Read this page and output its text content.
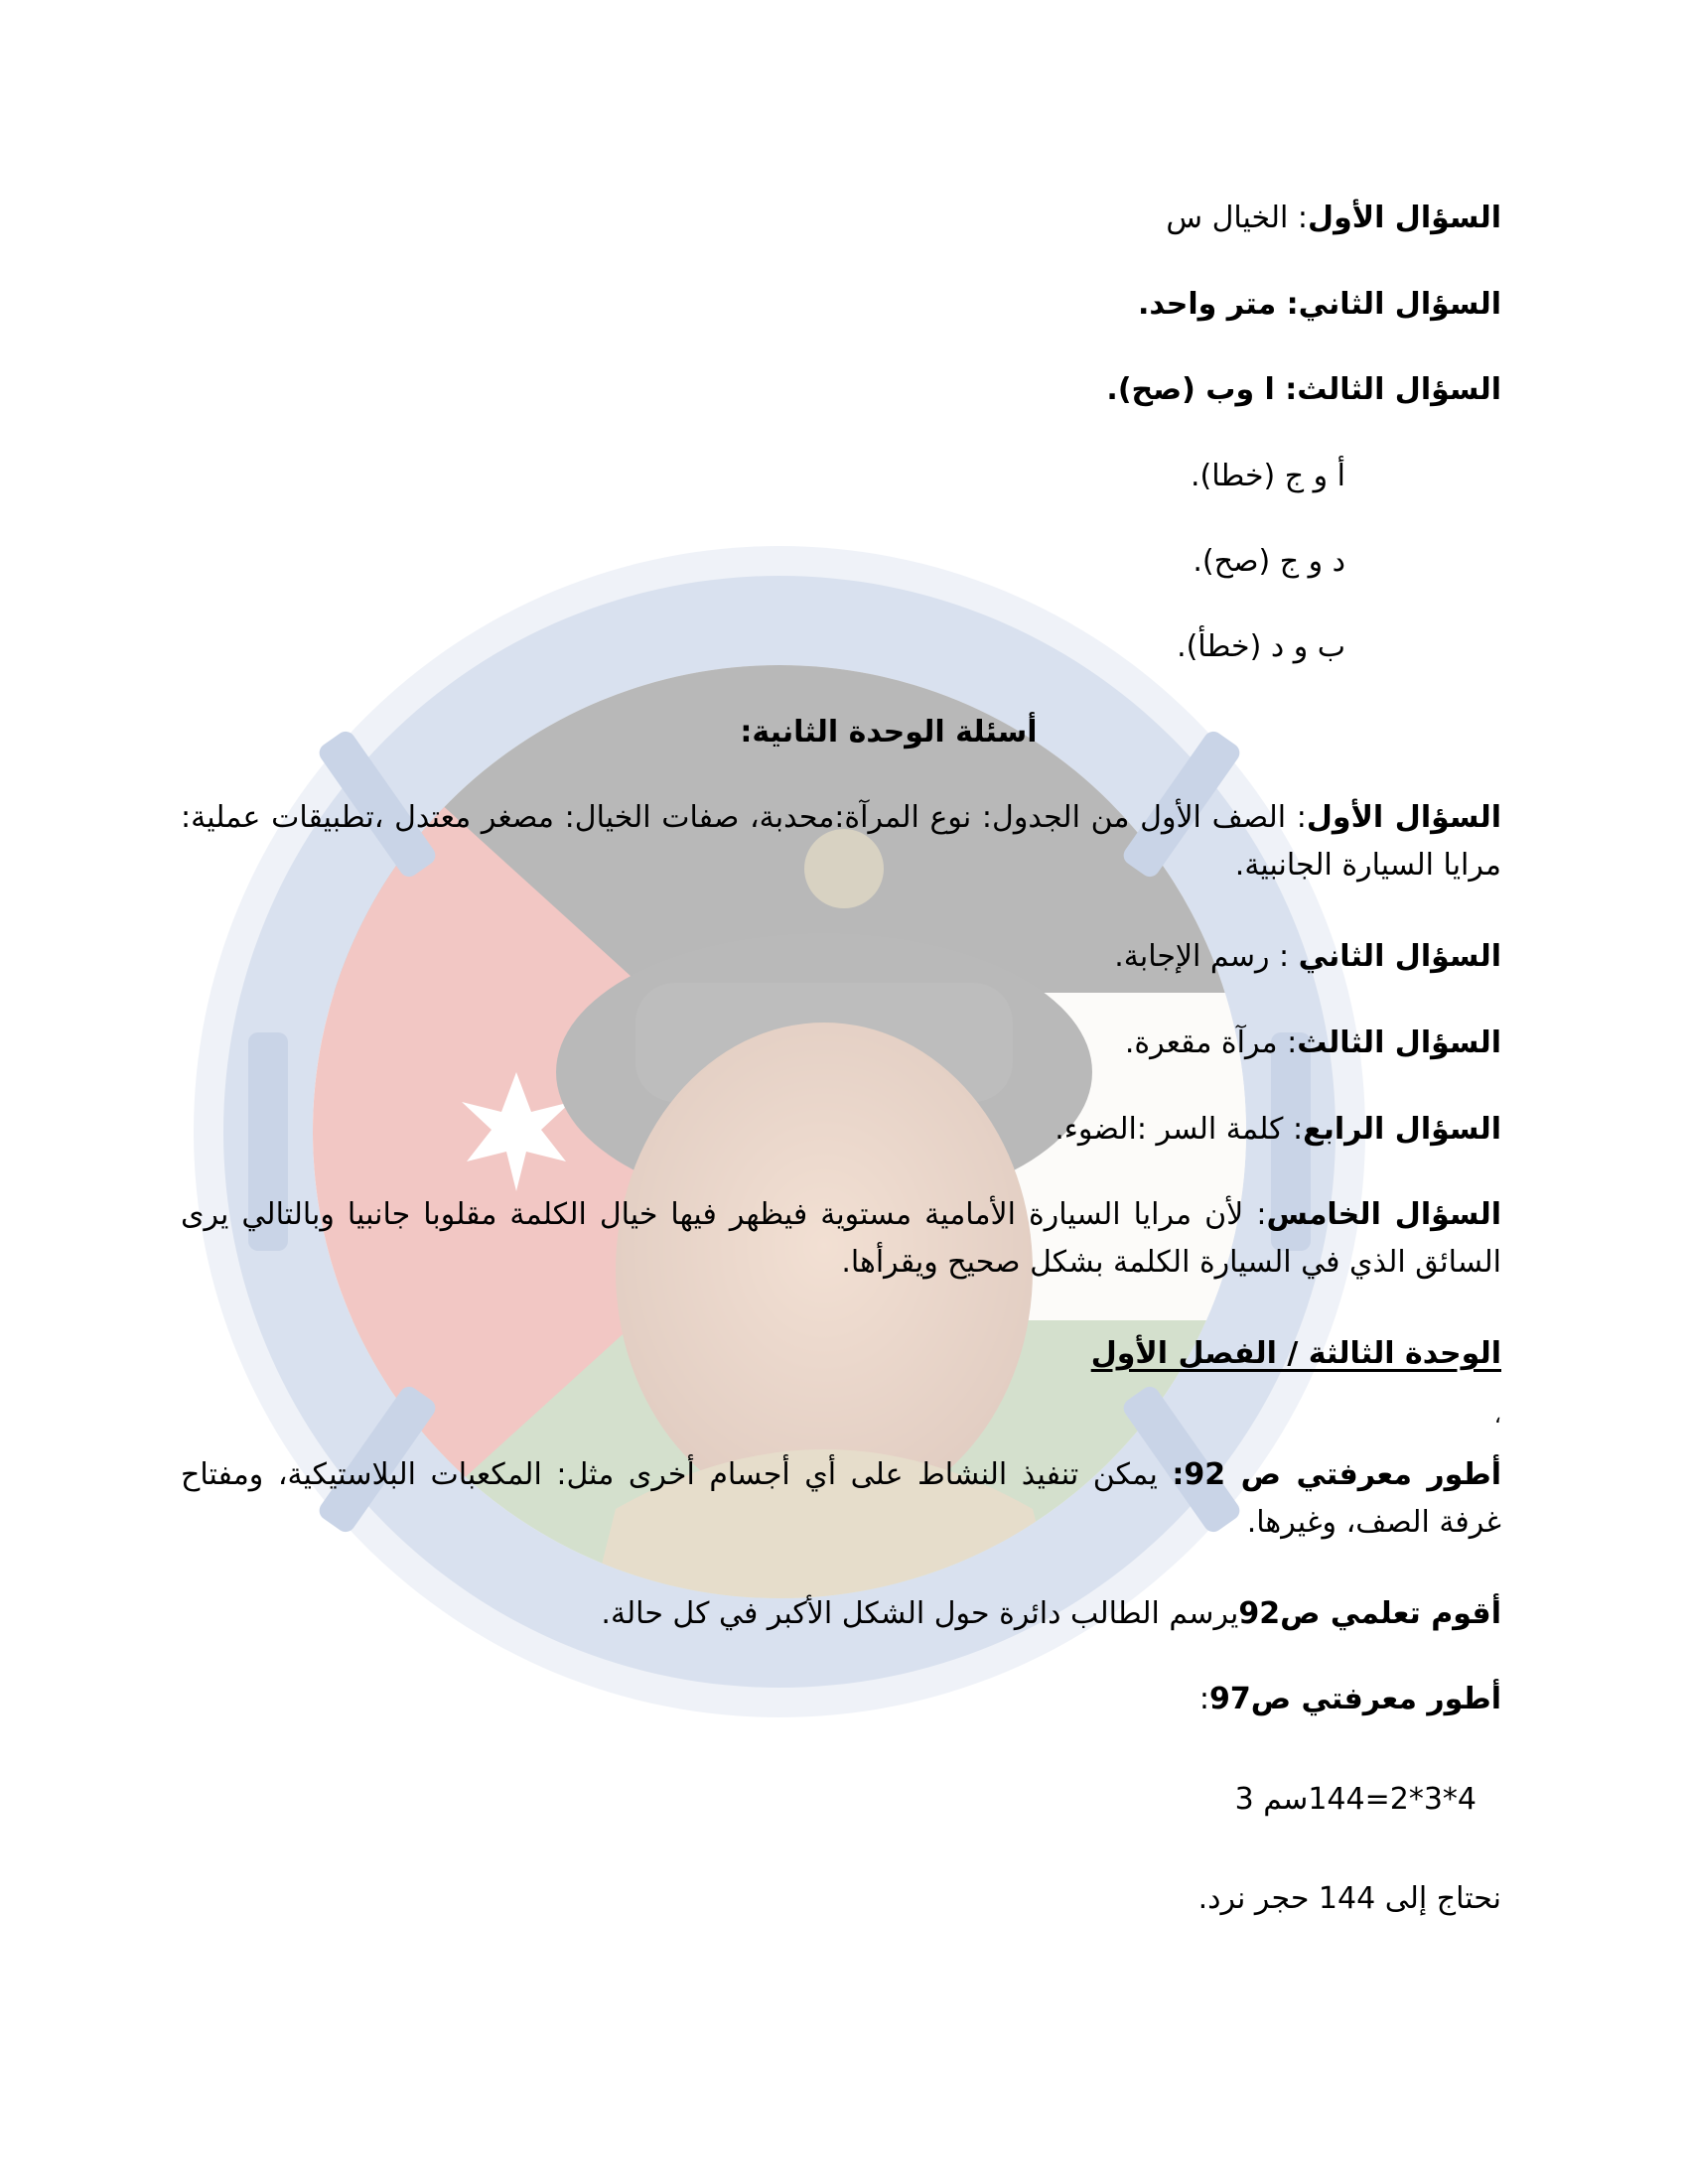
السؤال الأول: الخيال س
السؤال الثاني: متر واحد.
السؤال الثالث: ا وب (صح).
أ و ج (خطا).
د و ج (صح).
ب و د (خطأ).
أسئلة الوحدة الثانية:
السؤال الأول: الصف الأول من الجدول: نوع المرآة:محدبة، صفات الخيال: مصغر معتدل ،تطبيقات عملية: مرايا السيارة الجانبية.
السؤال الثاني : رسم الإجابة.
السؤال الثالث: مرآة مقعرة.
السؤال الرابع: كلمة السر :الضوء.
السؤال الخامس: لأن مرايا السيارة الأمامية مستوية فيظهر فيها خيال الكلمة مقلوبا جانبيا وبالتالي يرى السائق الذي في السيارة الكلمة بشكل صحيح ويقرأها.
الوحدة الثالثة / الفصل الأول
،
أطور معرفتي ص 92: يمكن تنفيذ النشاط على أي أجسام أخرى مثل: المكعبات البلاستيكية، ومفتاح غرفة الصف، وغيرها.
أقوم تعلمي ص92يرسم الطالب دائرة حول الشكل الأكبر في كل حالة.
أطور معرفتي ص97:
4*3*2=144سم 3
نحتاج إلى 144 حجر نرد.
